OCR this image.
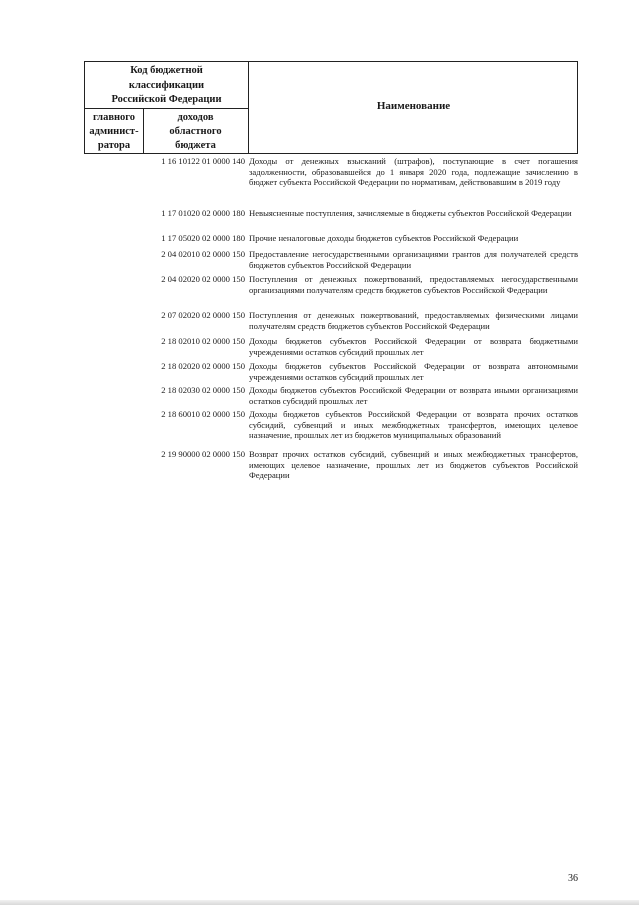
Код бюджетной
классификации
Российской Федерации
главного
админист-
ратора
доходов
областного
бюджета
Наименование
1 16 10122 01 0000 140 Доходы от денежных взысканий (штрафов), поступающие в счет погашения задолженности, образовавшейся до 1 января 2020 года, подлежащие зачислению в бюджет субъекта Российской Федерации по нормативам, действовавшим в 2019 году
1 17 01020 02 0000 180 Невыясненные поступления, зачисляемые в бюджеты субъектов Российской Федерации
1 17 05020 02 0000 180 Прочие неналоговые доходы бюджетов субъектов Российской Федерации
2 04 02010 02 0000 150 Предоставление негосударственными организациями грантов для получателей средств бюджетов субъектов Российской Федерации
2 04 02020 02 0000 150 Поступления от денежных пожертвований, предоставляемых негосударственными организациями получателям средств бюджетов субъектов Российской Федерации
2 07 02020 02 0000 150 Поступления от денежных пожертвований, предоставляемых физическими лицами получателям средств бюджетов субъектов Российской Федерации
2 18 02010 02 0000 150 Доходы бюджетов субъектов Российской Федерации от возврата бюджетными учреждениями остатков субсидий прошлых лет
2 18 02020 02 0000 150 Доходы бюджетов субъектов Российской Федерации от возврата автономными учреждениями остатков субсидий прошлых лет
2 18 02030 02 0000 150 Доходы бюджетов субъектов Российской Федерации от возврата иными организациями остатков субсидий прошлых лет
2 18 60010 02 0000 150 Доходы бюджетов субъектов Российской Федерации от возврата прочих остатков субсидий, субвенций и иных межбюджетных трансфертов, имеющих целевое назначение, прошлых лет из бюджетов муниципальных образований
2 19 90000 02 0000 150 Возврат прочих остатков субсидий, субвенций и иных межбюджетных трансфертов, имеющих целевое назначение, прошлых лет из бюджетов субъектов Российской Федерации
36
